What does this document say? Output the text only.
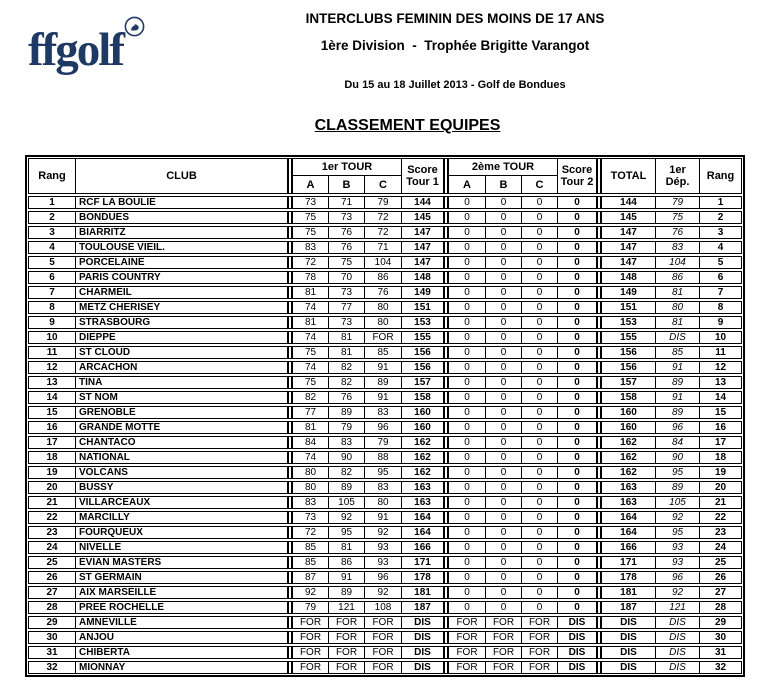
ffgolf
INTERCLUBS FEMININ DES MOINS DE 17 ANS
1ère Division  -  Trophée Brigitte Varangot
Du 15 au 18 Juillet 2013 - Golf de Bondues
CLASSEMENT EQUIPES
Rang	CLUB
1er TOUR
A	B	C
Score
Tour 1
2ème TOUR
A	B	C
Score
Tour 2	TOTAL	1er
Dép.	Rang
1	RCF LA BOULIE	73	71	79	144	0	0	0	0	144	79	1
2	BONDUES	75	73	72	145	0	0	0	0	145	75	2
3	BIARRITZ	75	76	72	147	0	0	0	0	147	76	3
4	TOULOUSE VIEIL.	83	76	71	147	0	0	0	0	147	83	4
5	PORCELAINE	72	75	104	147	0	0	0	0	147	104	5
6	PARIS COUNTRY	78	70	86	148	0	0	0	0	148	86	6
7	CHARMEIL	81	73	76	149	0	0	0	0	149	81	7
8	METZ CHERISEY	74	77	80	151	0	0	0	0	151	80	8
9	STRASBOURG	81	73	80	153	0	0	0	0	153	81	9
10	DIEPPE	74	81	FOR	155	0	0	0	0	155	DIS	10
11	ST CLOUD	75	81	85	156	0	0	0	0	156	85	11
12	ARCACHON	74	82	91	156	0	0	0	0	156	91	12
13	TINA	75	82	89	157	0	0	0	0	157	89	13
14	ST NOM	82	76	91	158	0	0	0	0	158	91	14
15	GRENOBLE	77	89	83	160	0	0	0	0	160	89	15
16	GRANDE MOTTE	81	79	96	160	0	0	0	0	160	96	16
17	CHANTACO	84	83	79	162	0	0	0	0	162	84	17
18	NATIONAL	74	90	88	162	0	0	0	0	162	90	18
19	VOLCANS	80	82	95	162	0	0	0	0	162	95	19
20	BUSSY	80	89	83	163	0	0	0	0	163	89	20
21	VILLARCEAUX	83	105	80	163	0	0	0	0	163	105	21
22	MARCILLY	73	92	91	164	0	0	0	0	164	92	22
23	FOURQUEUX	72	95	92	164	0	0	0	0	164	95	23
24	NIVELLE	85	81	93	166	0	0	0	0	166	93	24
25	EVIAN MASTERS	85	86	93	171	0	0	0	0	171	93	25
26	ST GERMAIN	87	91	96	178	0	0	0	0	178	96	26
27	AIX MARSEILLE	92	89	92	181	0	0	0	0	181	92	27
28	PREE ROCHELLE	79	121	108	187	0	0	0	0	187	121	28
29	AMNEVILLE	FOR	FOR	FOR	DIS	FOR	FOR	FOR	DIS	DIS	DIS	29
30	ANJOU	FOR	FOR	FOR	DIS	FOR	FOR	FOR	DIS	DIS	DIS	30
31	CHIBERTA	FOR	FOR	FOR	DIS	FOR	FOR	FOR	DIS	DIS	DIS	31
32	MIONNAY	FOR	FOR	FOR	DIS	FOR	FOR	FOR	DIS	DIS	DIS	32
